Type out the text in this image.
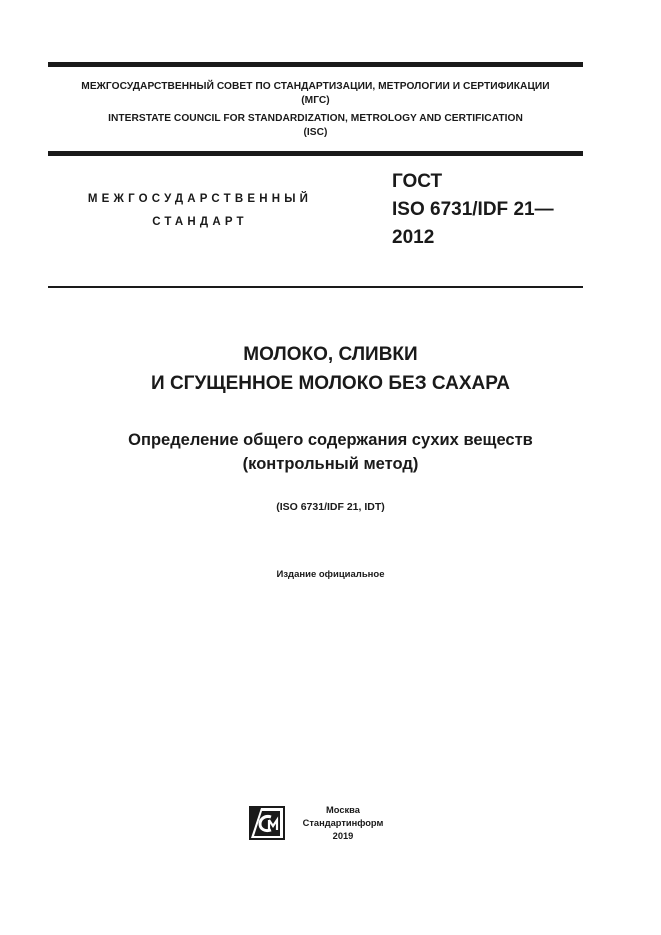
МЕЖГОСУДАРСТВЕННЫЙ СОВЕТ ПО СТАНДАРТИЗАЦИИ, МЕТРОЛОГИИ И СЕРТИФИКАЦИИ
(МГС)
INTERSTATE COUNCIL FOR STANDARDIZATION, METROLOGY AND CERTIFICATION
(ISC)
МЕЖГОСУДАРСТВЕННЫЙ
СТАНДАРТ
ГОСТ
ISO 6731/IDF 21—
2012
МОЛОКО, СЛИВКИ
И СГУЩЕННОЕ МОЛОКО БЕЗ САХАРА
Определение общего содержания сухих веществ
(контрольный метод)
(ISO 6731/IDF 21, IDT)
Издание официальное
Москва
Стандартинформ
2019
